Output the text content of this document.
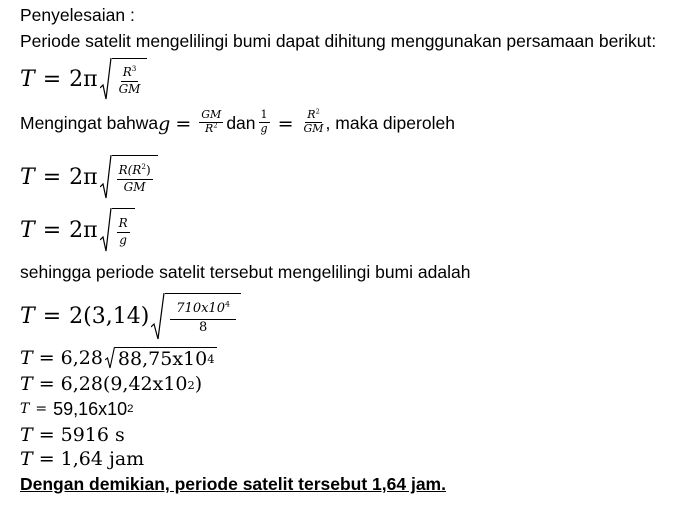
Penyelesaian :
Periode satelit mengelilingi bumi dapat dihitung menggunakan persamaan berikut:
$T = 2\pi \frac{R^3}{GM}$
Mengingat bahwa $g = \frac{GM}{R^2}$ dan $\frac{1}{g} = \frac{R^2}{GM}$ , maka diperoleh
$T = 2\pi \frac{R(R^2)}{GM}$
$T = 2\pi \frac{R}{g}$
sehingga periode satelit tersebut mengelilingi bumi adalah
$T = 2(3,14) \frac{710x10^4}{8}$
T = 6,28 88,75x10 4
T = 6,28(9,42x10 2 )
T = 59,16x10 2
T = 5916 s
T = 1,64 jam
Dengan demikian, periode satelit tersebut 1,64 jam.
